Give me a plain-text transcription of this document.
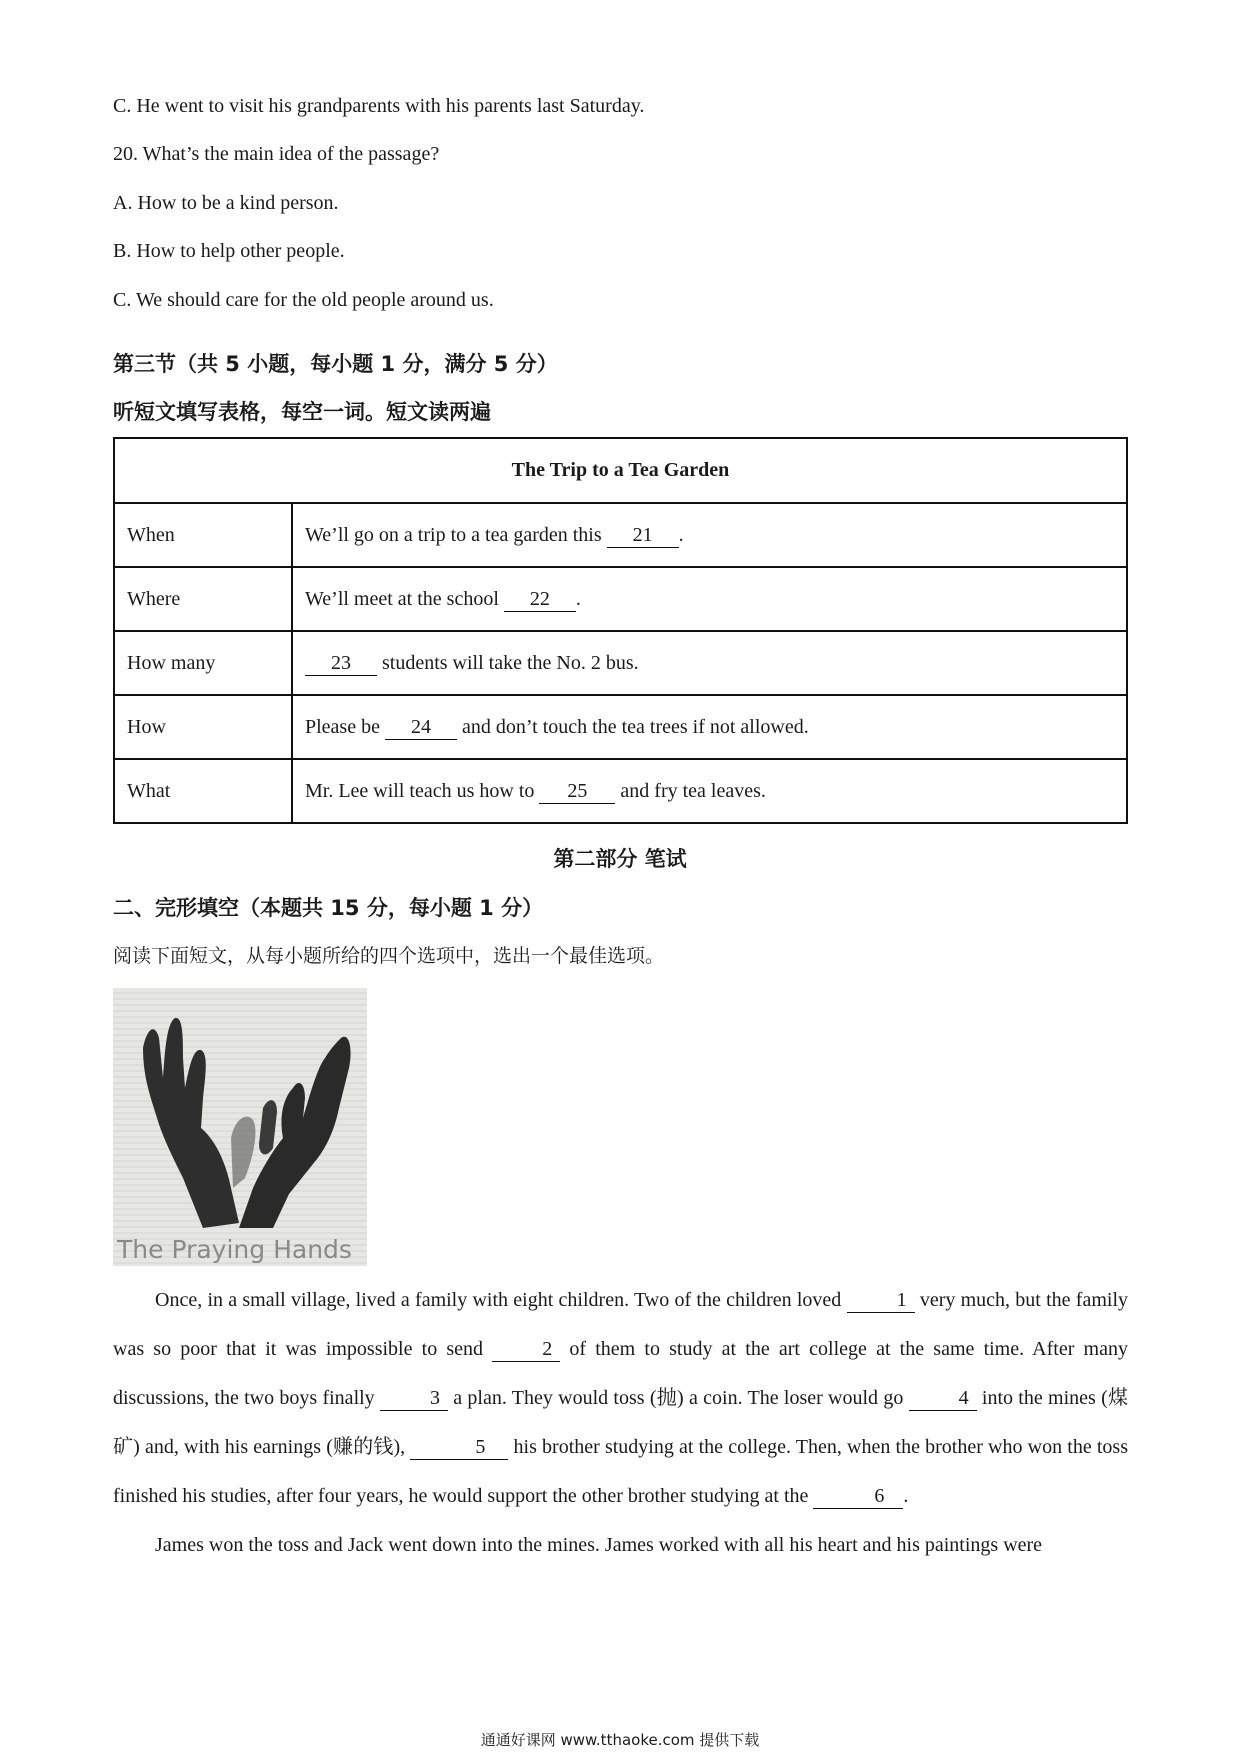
C. He went to visit his grandparents with his parents last Saturday.
20. What’s the main idea of the passage?
A. How to be a kind person.
B. How to help other people.
C. We should care for the old people around us.
第三节（共 5 小题，每小题 1 分，满分 5 分）
听短文填写表格，每空一词。短文读两遍
The Trip to a Tea Garden	
When	We’ll go on a trip to a tea garden this 21 .
Where	We’ll meet at the school 22 .
How many	23 students will take the No. 2 bus.
How	Please be 24 and don’t touch the tea trees if not allowed.
What	Mr. Lee will teach us how to 25 and fry tea leaves.
第二部分 笔试
二、完形填空（本题共 15 分，每小题 1 分）
阅读下面短文，从每小题所给的四个选项中，选出一个最佳选项。
The Praying Hands

Once, in a small village, lived a family with eight children. Two of the children loved	1 very much, but the family was so poor that it was impossible to send	2 of them to study at the art college at the same time. After many discussions, the two boys finally	3 a plan. They would toss (抛) a coin. The loser would go	4 into the mines (煤矿) and, with his earnings (赚的钱),	5 his brother studying at the college. Then, when the brother who won the toss finished his studies, after four years, he would support the other brother studying at the	6 .

James won the toss and Jack went down into the mines. James worked with all his heart and his paintings were

通通好课网 www.tthaoke.com 提供下载
